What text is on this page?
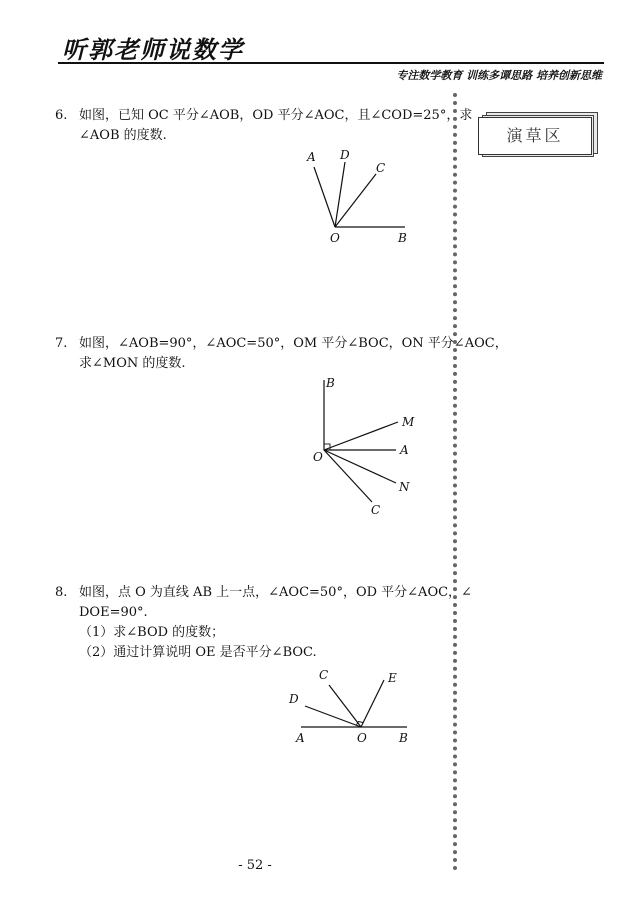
听郭老师说数学
专注数学教育 训练多谭思路 培养创新思维
演草区
6. 如图，已知 OC 平分∠AOB，OD 平分∠AOC，且∠COD=25°，求
∠AOB 的度数.
A D
C
O	B
7. 如图，∠AOB=90°，∠AOC=50°，OM 平分∠BOC，ON 平分∠AOC，
求∠MON 的度数.
B
M
O	A
N
C
8. 如图，点 O 为直线 AB 上一点，∠AOC=50°，OD 平分∠AOC，∠
DOE=90°.
（1）求∠BOD 的度数；
（2）通过计算说明 OE 是否平分∠BOC.
C	E
D
A	O	B
- 52 -
